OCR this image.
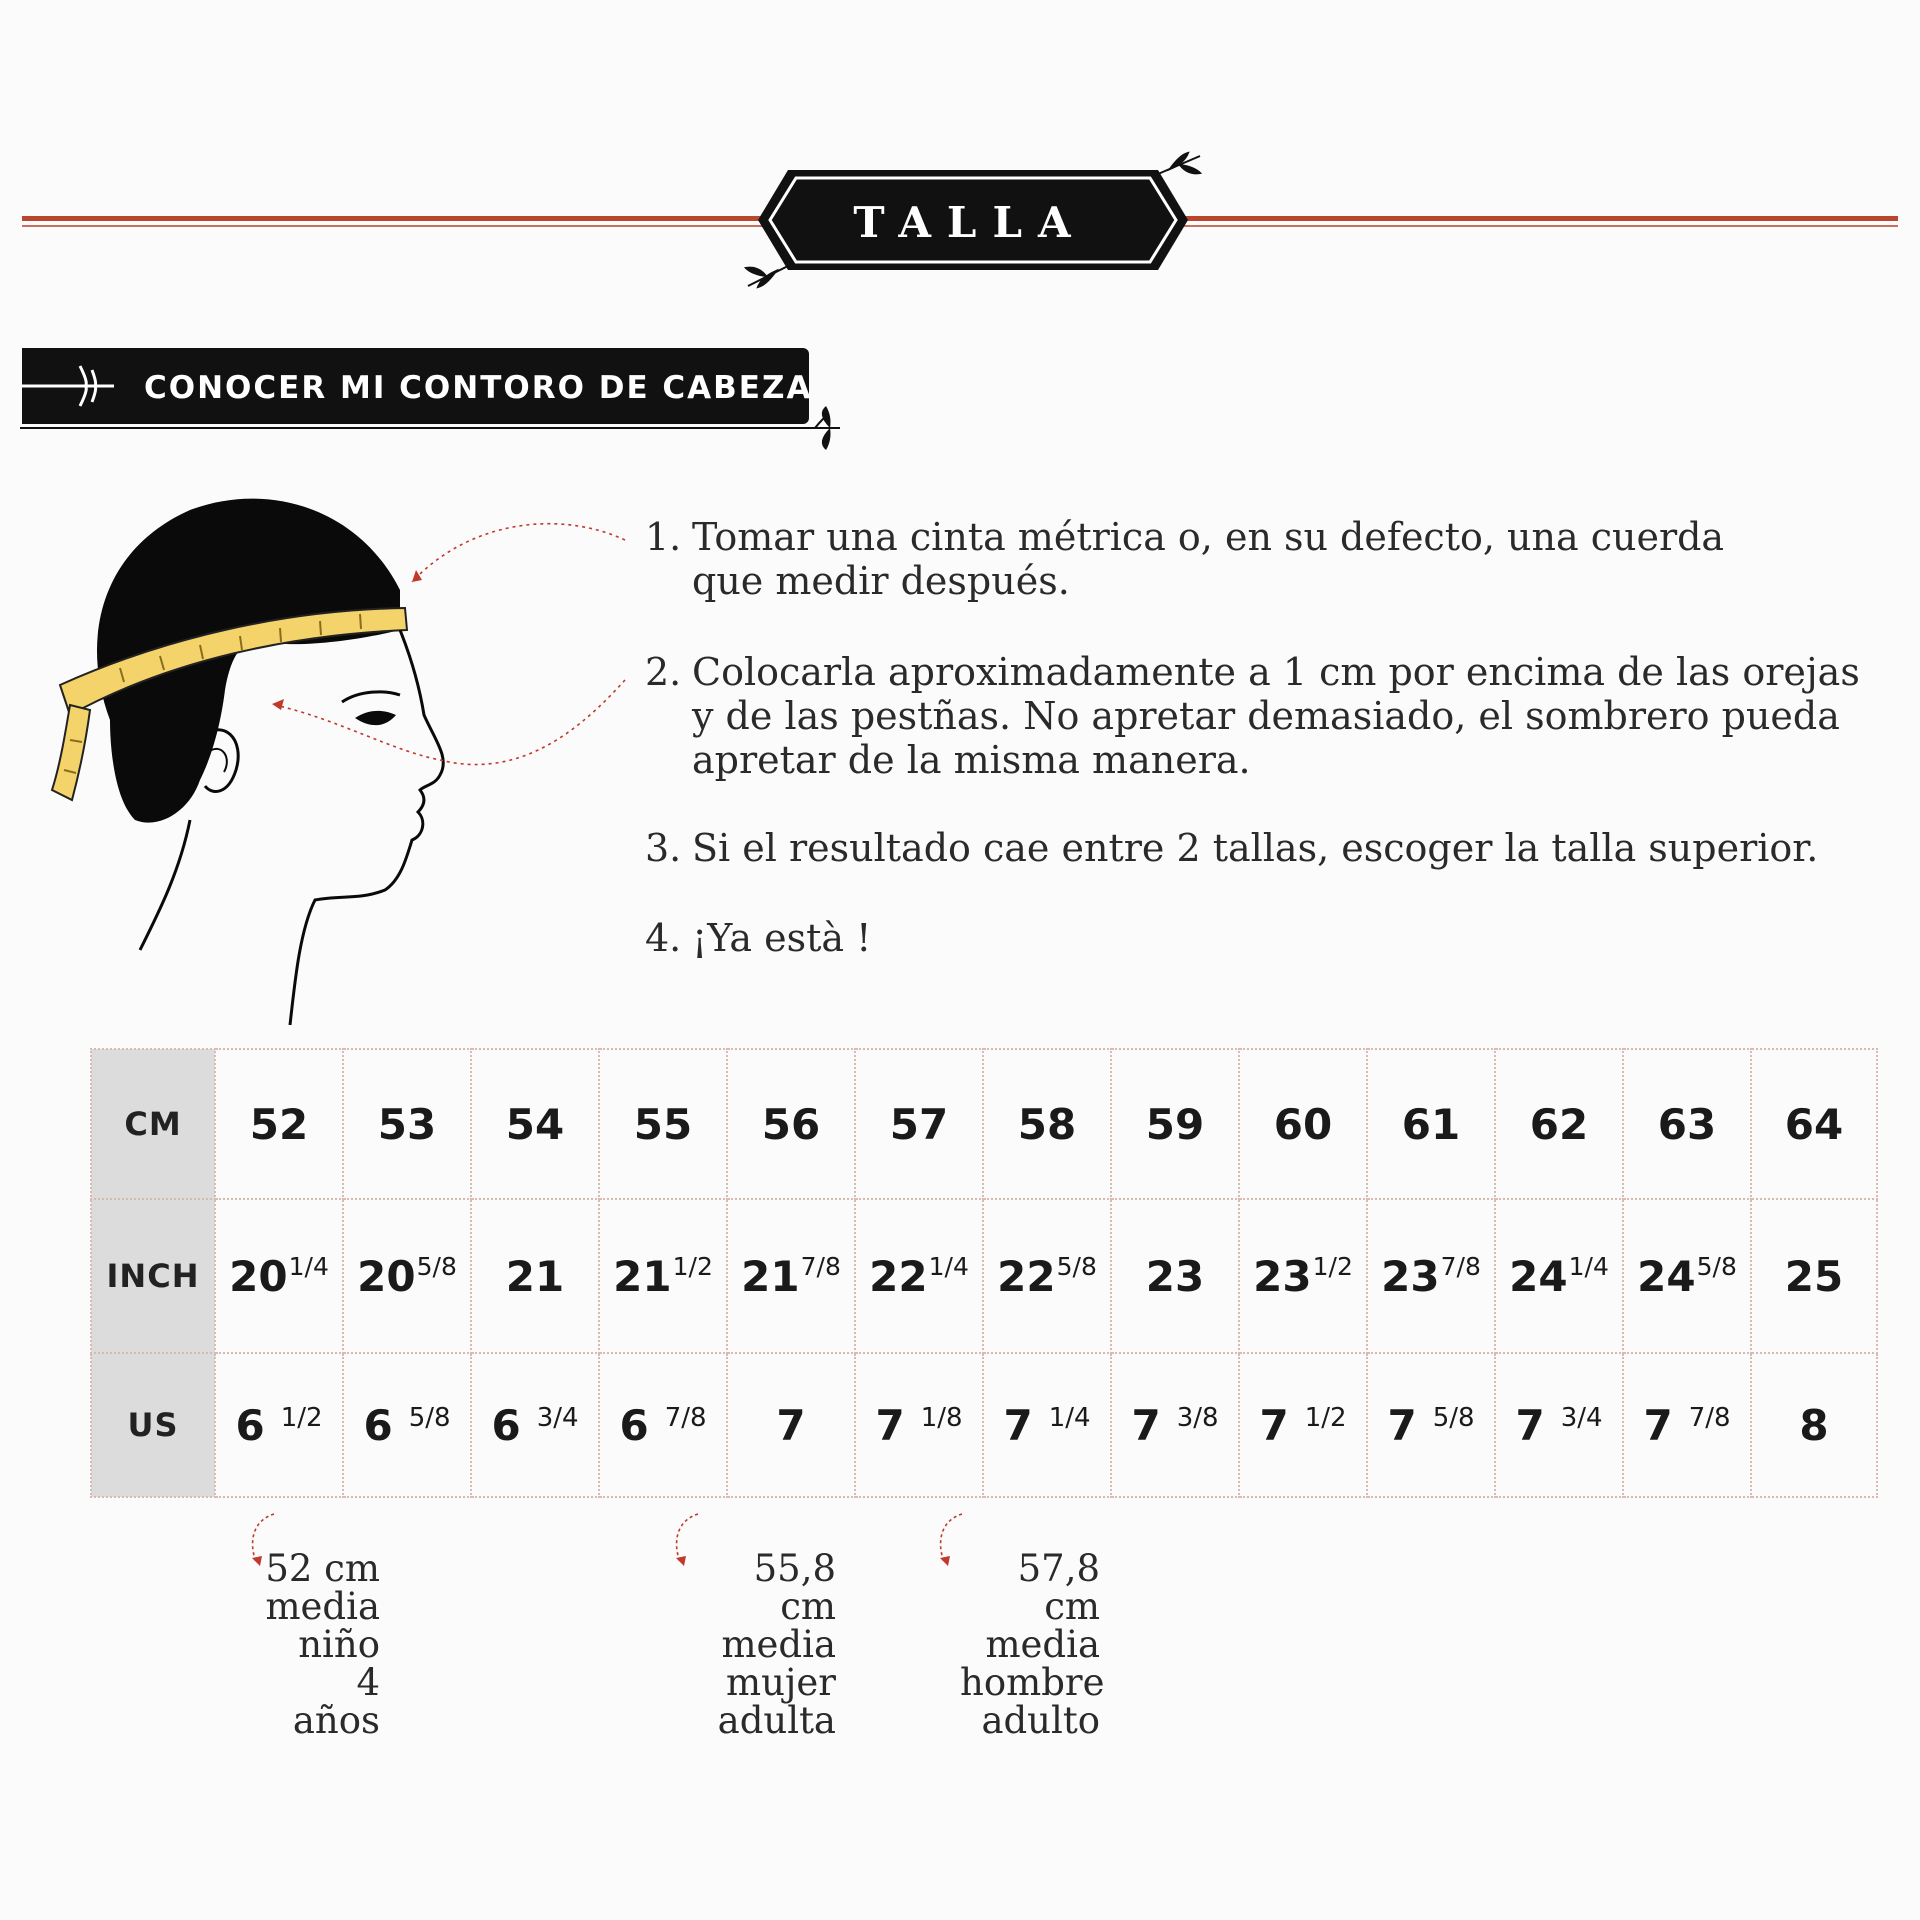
TALLA
CONOCER MI CONTORO DE CABEZA
1. Tomar una cinta métrica o, en su defecto, una cuerda que medir después.
2. Colocarla aproximadamente a 1 cm por encima de las orejas y de las pestñas. No apretar demasiado, el sombrero pueda apretar de la misma manera.
3. Si el resultado cae entre 2 tallas, escoger la talla superior.
4. ¡Ya està !
CM	52	53	54	55	56	57	58	59	60	61	62	63	64
INCH	$20^{1/4}$	$20^{5/8}$	21	$21^{1/2}$	$21^{7/8}$	$22^{1/4}$	$22^{5/8}$	23	$23^{1/2}$	$23^{7/8}$	$24^{1/4}$	$24^{5/8}$	25
US	6 $^{1/2}$	6 $^{5/8}$	6 $^{3/4}$	6 $^{7/8}$	7	7 $^{1/8}$	7 $^{1/4}$	7 $^{3/8}$	7 $^{1/2}$	7 $^{5/8}$	7 $^{3/4}$	7 $^{7/8}$	8
52 cm
media
niño
4 años
55,8 cm
media
mujer
adulta
57,8 cm
media
hombre
adulto
